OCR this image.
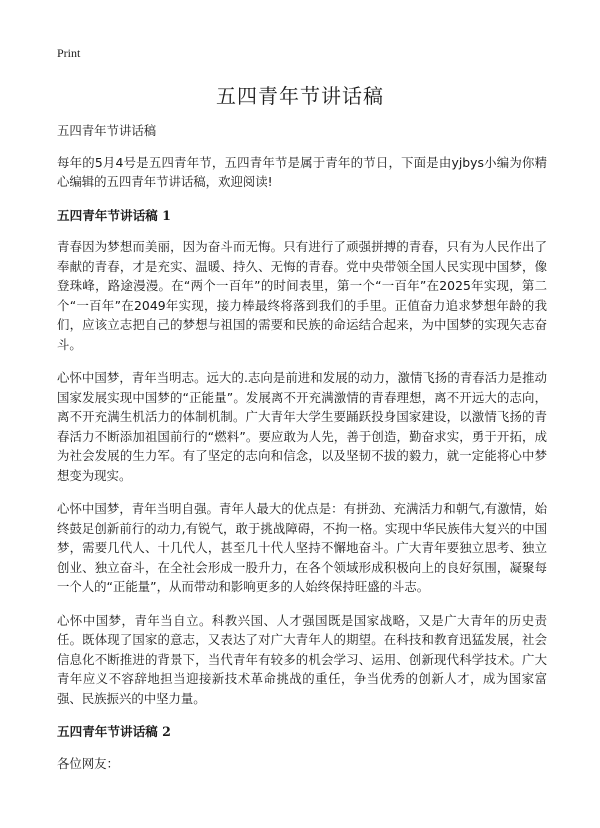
Print
五四青年节讲话稿

五四青年节讲话稿

每年的5月4号是五四青年节，五四青年节是属于青年的节日，下面是由yjbys小编为你精心编辑的五四青年节讲话稿，欢迎阅读!

五四青年节讲话稿 1

青春因为梦想而美丽，因为奋斗而无悔。只有进行了顽强拼搏的青春，只有为人民作出了奉献的青春，才是充实、温暖、持久、无悔的青春。党中央带领全国人民实现中国梦，像登珠峰，路途漫漫。在“两个一百年”的时间表里，第一个“一百年”在2025年实现，第二个“一百年”在2049年实现，接力棒最终将落到我们的手里。正值奋力追求梦想年龄的我们，应该立志把自己的梦想与祖国的需要和民族的命运结合起来，为中国梦的实现矢志奋斗。

心怀中国梦，青年当明志。远大的.志向是前进和发展的动力，激情飞扬的青春活力是推动国家发展实现中国梦的“正能量”。发展离不开充满激情的青春理想，离不开远大的志向，离不开充满生机活力的体制机制。广大青年大学生要踊跃投身国家建设，以激情飞扬的青春活力不断添加祖国前行的“燃料”。要应敢为人先，善于创造，勤奋求实，勇于开拓，成为社会发展的生力军。有了坚定的志向和信念，以及坚韧不拔的毅力，就一定能将心中梦想变为现实。

心怀中国梦，青年当明自强。青年人最大的优点是：有拼劲、充满活力和朝气,有激情，始终鼓足创新前行的动力,有锐气，敢于挑战障碍，不拘一格。实现中华民族伟大复兴的中国梦，需要几代人、十几代人，甚至几十代人坚持不懈地奋斗。广大青年要独立思考、独立创业、独立奋斗，在全社会形成一股升力，在各个领域形成积极向上的良好氛围，凝聚每一个人的“正能量”，从而带动和影响更多的人始终保持旺盛的斗志。

心怀中国梦，青年当自立。科教兴国、人才强国既是国家战略，又是广大青年的历史责任。既体现了国家的意志，又表达了对广大青年人的期望。在科技和教育迅猛发展，社会信息化不断推进的背景下，当代青年有较多的机会学习、运用、创新现代科学技术。广大青年应义不容辞地担当迎接新技术革命挑战的重任，争当优秀的创新人才，成为国家富强、民族振兴的中坚力量。

五四青年节讲话稿 2

各位网友：
